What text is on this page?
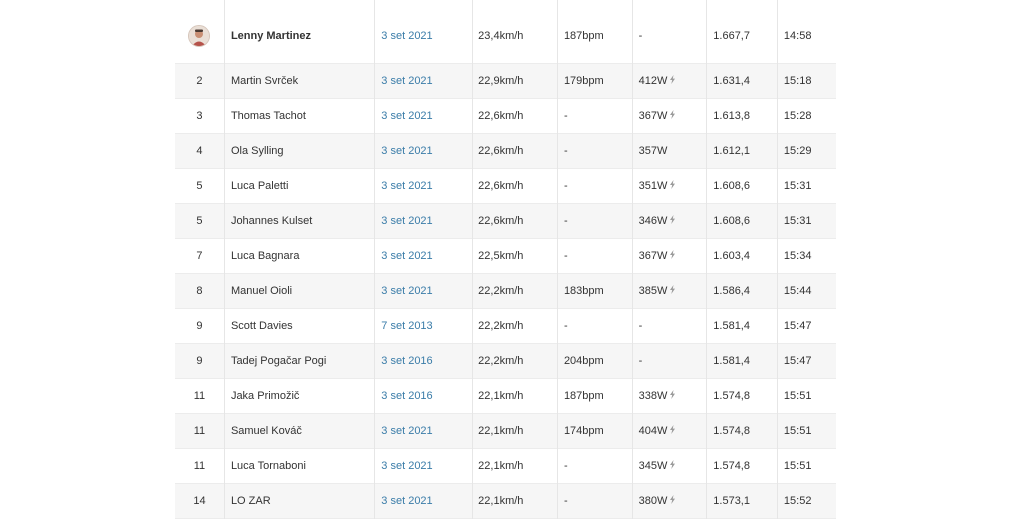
	Lenny Martinez	3 set 2021	23,4km/h	187bpm	-	1.667,7	14:58
2	Martin Svrček	3 set 2021	22,9km/h	179bpm	412W	1.631,4	15:18
3	Thomas Tachot	3 set 2021	22,6km/h	-	367W	1.613,8	15:28
4	Ola Sylling	3 set 2021	22,6km/h	-	357W	1.612,1	15:29
5	Luca Paletti	3 set 2021	22,6km/h	-	351W	1.608,6	15:31
5	Johannes Kulset	3 set 2021	22,6km/h	-	346W	1.608,6	15:31
7	Luca Bagnara	3 set 2021	22,5km/h	-	367W	1.603,4	15:34
8	Manuel Oioli	3 set 2021	22,2km/h	183bpm	385W	1.586,4	15:44
9	Scott Davies	7 set 2013	22,2km/h	-	-	1.581,4	15:47
9	Tadej Pogačar Pogi	3 set 2016	22,2km/h	204bpm	-	1.581,4	15:47
11	Jaka Primožič	3 set 2016	22,1km/h	187bpm	338W	1.574,8	15:51
11	Samuel Kováč	3 set 2021	22,1km/h	174bpm	404W	1.574,8	15:51
11	Luca Tornaboni	3 set 2021	22,1km/h	-	345W	1.574,8	15:51
14	LO ZAR	3 set 2021	22,1km/h	-	380W	1.573,1	15:52
